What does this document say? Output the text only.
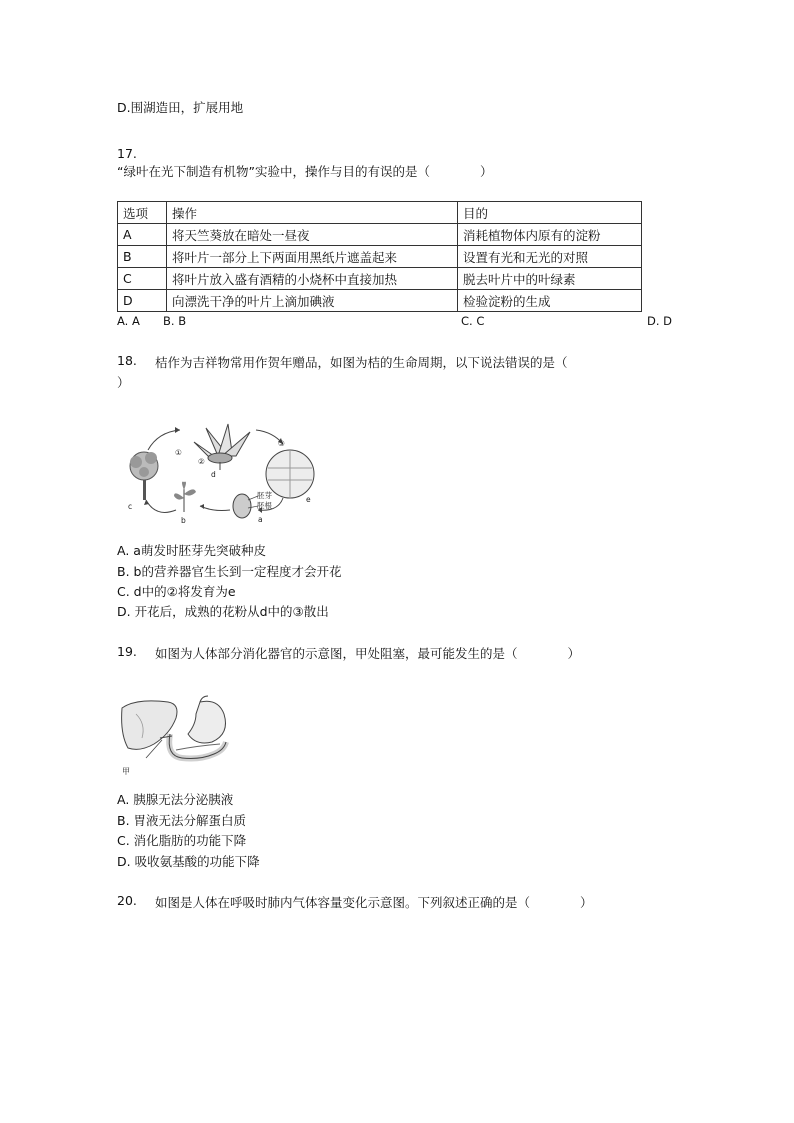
D.围湖造田，扩展用地
17.
“绿叶在光下制造有机物”实验中，操作与目的有误的是（　　　　）
选项	操作	目的
A	将天竺葵放在暗处一昼夜	消耗植物体内原有的淀粉
B	将叶片一部分上下两面用黑纸片遮盖起来	设置有光和无光的对照
C	将叶片放入盛有酒精的小烧杯中直接加热	脱去叶片中的叶绿素
D	向漂洗干净的叶片上滴加碘液	检验淀粉的生成
A. A B. B	C. C	D. D
18. 桔作为吉祥物常用作贺年赠品，如图为桔的生命周期，以下说法错误的是（
）
①
②
③
d
c
b	a
e
胚芽
胚根
A. a萌发时胚芽先突破种皮
B. b的营养器官生长到一定程度才会开花
C. d中的②将发育为e
D. 开花后，成熟的花粉从d中的③散出
19. 如图为人体部分消化器官的示意图，甲处阻塞，最可能发生的是（　　　　）
甲
A. 胰腺无法分泌胰液
B. 胃液无法分解蛋白质
C. 消化脂肪的功能下降
D. 吸收氨基酸的功能下降
20. 如图是人体在呼吸时肺内气体容量变化示意图。下列叙述正确的是（　　　　）
